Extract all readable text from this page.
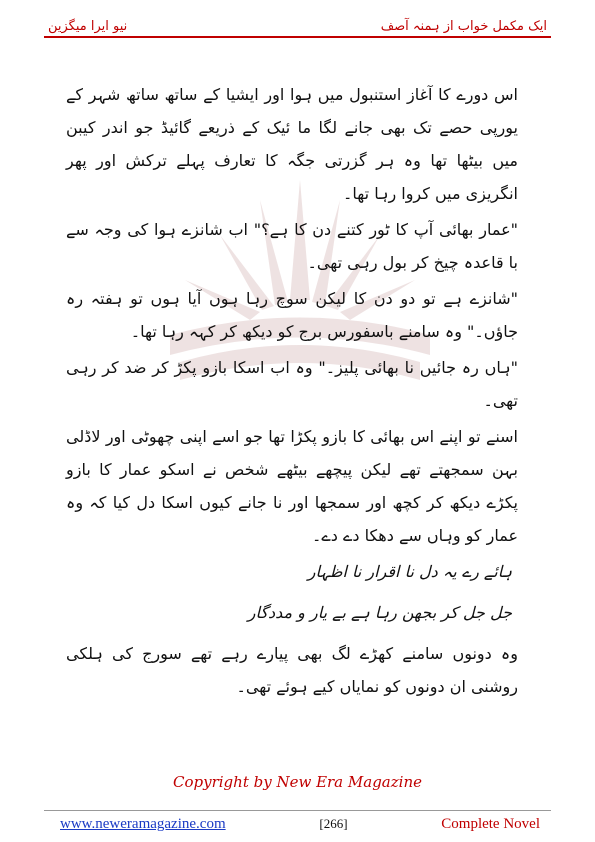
نیو ایرا میگزین	ایک مکمل خواب از ہمنہ آصف

اس دورے کا آغاز استنبول میں ہوا اور ایشیا کے ساتھ ساتھ شہر کے یورپی حصے تک بھی جانے لگا ما ئیک کے ذریعے گائیڈ جو اندر کیبن میں بیٹھا تھا وہ ہر گزرتی جگہ کا تعارف پہلے ترکش اور پھر انگریزی میں کروا رہا تھا۔

"عمار بھائی آپ کا ٹور کتنے دن کا ہے؟" اب شانزے ہوا کی وجہ سے با قاعدہ چیخ کر بول رہی تھی۔

"شانزے ہے تو دو دن کا لیکن سوچ رہا ہوں آیا ہوں تو ہفتہ رہ جاؤں۔" وہ سامنے باسفورس برج کو دیکھ کر کہہ رہا تھا۔

"ہاں رہ جائیں نا بھائی پلیز۔" وہ اب اسکا بازو پکڑ کر ضد کر رہی تھی۔

اسنے تو اپنے اس بھائی کا بازو پکڑا تھا جو اسے اپنی چھوٹی اور لاڈلی بہن سمجھتے تھے لیکن پیچھے بیٹھے شخص نے اسکو عمار کا بازو پکڑے دیکھ کر کچھ اور سمجھا اور نا جانے کیوں اسکا دل کیا کہ وہ عمار کو وہاں سے دھکا دے دے۔

ہائے رے یہ دل نا اقرار نا اظہار

جل جل کر بجھن رہا ہے بے یار و مددگار

وہ دونوں سامنے کھڑے لگ بھی پیارے رہے تھے سورج کی ہلکی روشنی ان دونوں کو نمایاں کیے ہوئے تھی۔

Copyright by New Era Magazine
www.neweramagazine.com	[266]	Complete Novel
